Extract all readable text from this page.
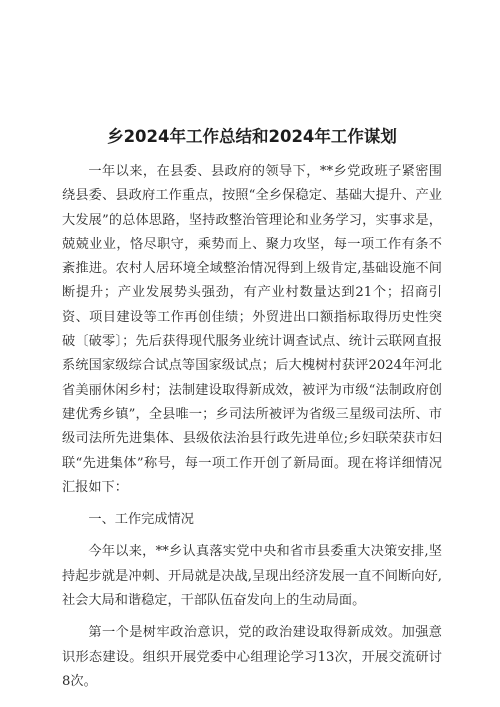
乡2024年工作总结和2024年工作谋划

一年以来，在县委、县政府的领导下，**乡党政班子紧密围绕县委、县政府工作重点，按照“全乡保稳定、基础大提升、产业大发展”的总体思路，坚持政整治管理论和业务学习，实事求是，兢兢业业，恪尽职守，乘势而上、聚力攻坚，每一项工作有条不紊推进。农村人居环境全域整治情况得到上级肯定,基础设施不间断提升；产业发展势头强劲，有产业村数量达到21个；招商引资、项目建设等工作再创佳绩；外贸进出口额指标取得历史性突破〔破零〕；先后获得现代服务业统计调查试点、统计云联网直报系统国家级综合试点等国家级试点；后大槐树村获评2024年河北省美丽休闲乡村；法制建设取得新成效，被评为市级“法制政府创建优秀乡镇”，全县唯一；乡司法所被评为省级三星级司法所、市级司法所先进集体、县级依法治县行政先进单位;乡妇联荣获市妇联“先进集体”称号，每一项工作开创了新局面。现在将详细情况汇报如下：

一、工作完成情况

今年以来，**乡认真落实党中央和省市县委重大决策安排,坚持起步就是冲刺、开局就是决战,呈现出经济发展一直不间断向好,社会大局和谐稳定，干部队伍奋发向上的生动局面。

第一个是树牢政治意识，党的政治建设取得新成效。加强意识形态建设。组织开展党委中心组理论学习13次，开展交流研讨8次。
